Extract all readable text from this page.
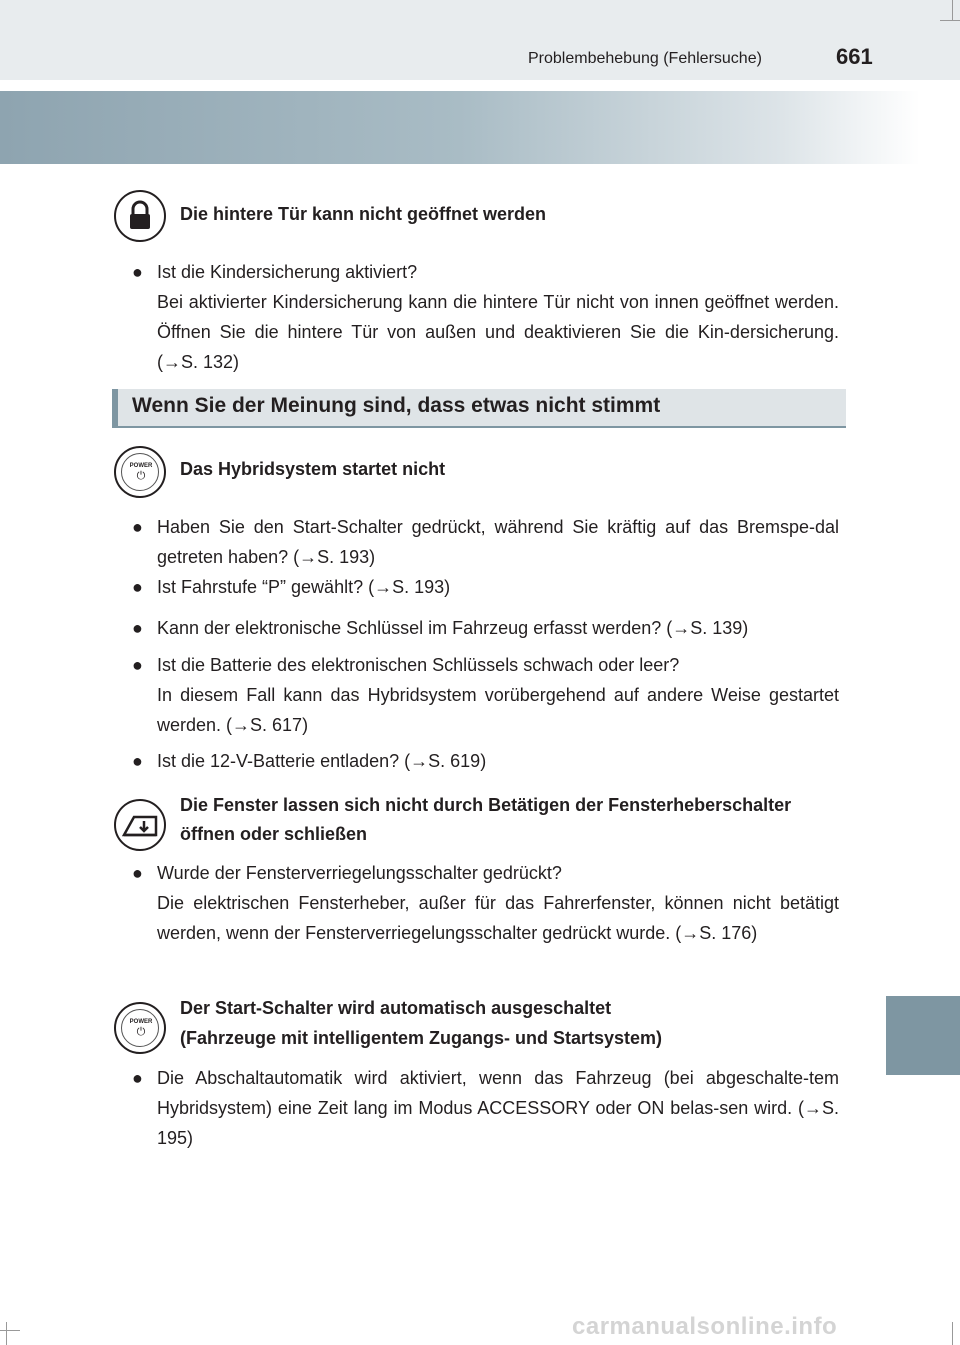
Problembehebung (Fehlersuche)	661
Die hintere Tür kann nicht geöffnet werden
● Ist die Kindersicherung aktiviert?

Bei aktivierter Kindersicherung kann die hintere Tür nicht von innen geöffnet werden. Öffnen Sie die hintere Tür von außen und deaktivieren Sie die Kin-dersicherung. (→S. 132)

Wenn Sie der Meinung sind, dass etwas nicht stimmt
POWER
⏻	Das Hybridsystem startet nicht
● Haben Sie den Start-Schalter gedrückt, während Sie kräftig auf das Bremspe-dal getreten haben? (→S. 193)

● Ist Fahrstufe “P” gewählt? (→S. 193)

● Kann der elektronische Schlüssel im Fahrzeug erfasst werden? (→S. 139)

● Ist die Batterie des elektronischen Schlüssels schwach oder leer?

In diesem Fall kann das Hybridsystem vorübergehend auf andere Weise gestartet werden. (→S. 617)

● Ist die 12-V-Batterie entladen? (→S. 619)

Die Fenster lassen sich nicht durch Betätigen der Fensterheberschalter öffnen oder schließen
● Wurde der Fensterverriegelungsschalter gedrückt?

Die elektrischen Fensterheber, außer für das Fahrerfenster, können nicht betätigt werden, wenn der Fensterverriegelungsschalter gedrückt wurde. (→S. 176)

POWER
⏻
Der Start-Schalter wird automatisch ausgeschaltet
(Fahrzeuge mit intelligentem Zugangs- und Startsystem)
● Die Abschaltautomatik wird aktiviert, wenn das Fahrzeug (bei abgeschalte-tem Hybridsystem) eine Zeit lang im Modus ACCESSORY oder ON belas-sen wird. (→S. 195)

carmanualsonline.info
